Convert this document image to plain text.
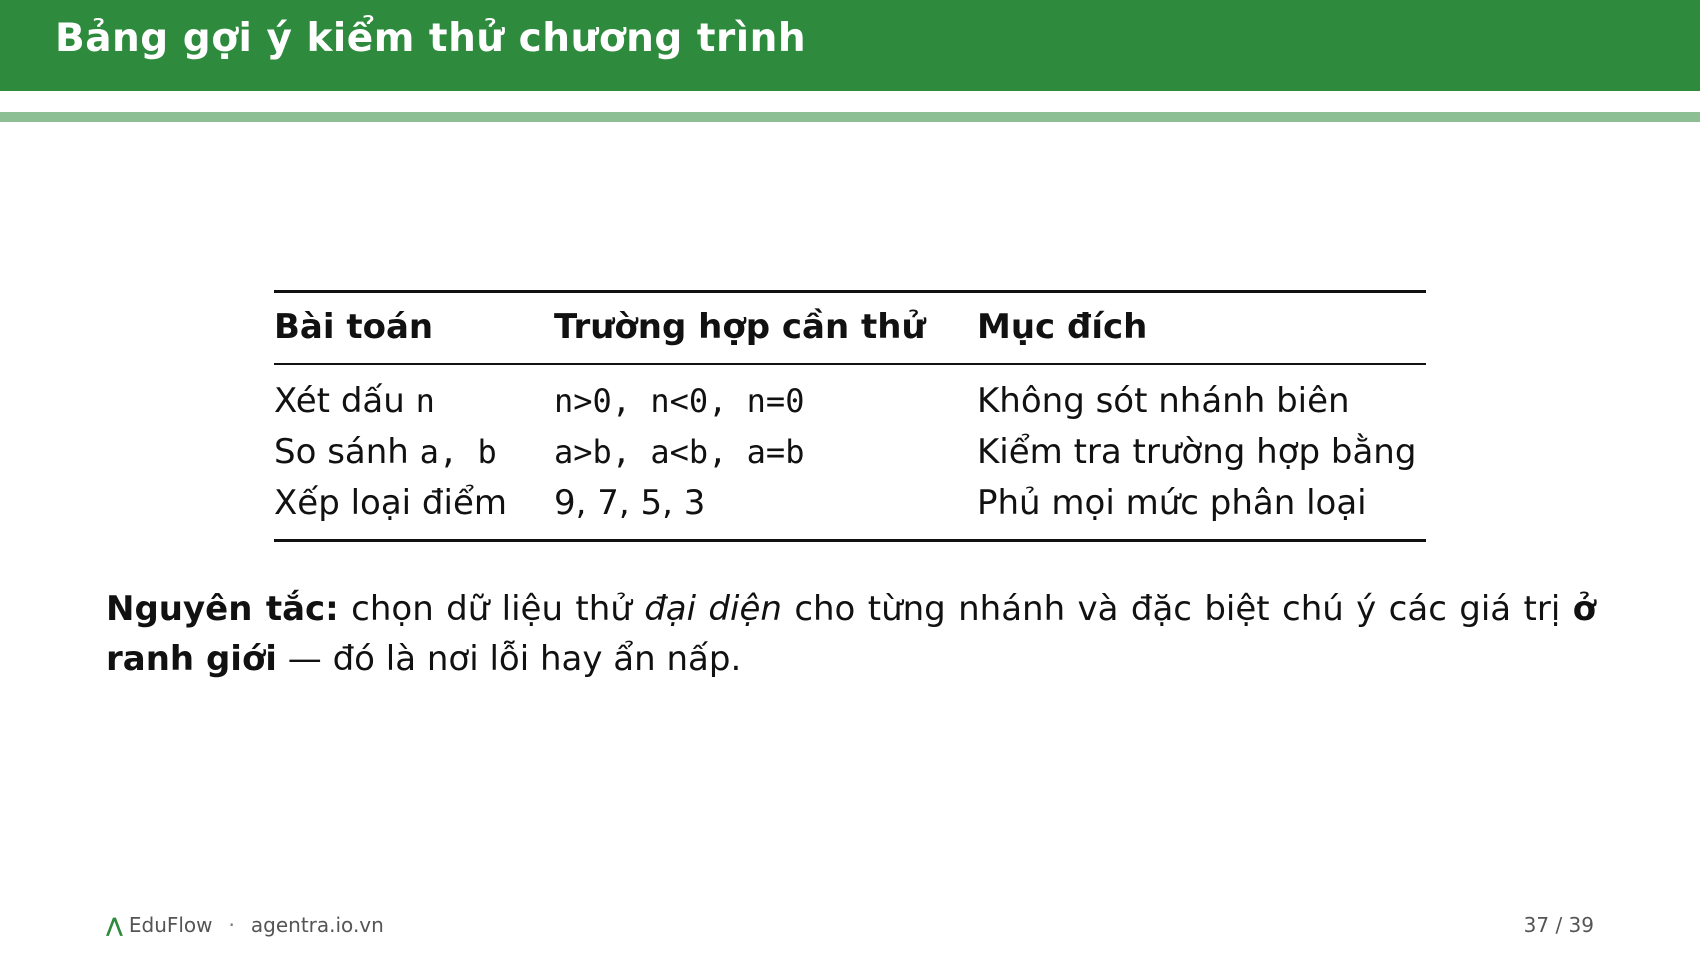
Bảng gợi ý kiểm thử chương trình
Bài toán	Trường hợp cần thử	Mục đích
Xét dấu n	n>0, n<0, n=0	Không sót nhánh biên
So sánh a, b	a>b, a<b, a=b	Kiểm tra trường hợp bằng
Xếp loại điểm	9, 7, 5, 3	Phủ mọi mức phân loại
Nguyên tắc: chọn dữ liệu thử đại diện cho từng nhánh và đặc biệt chú ý các giá trị ở ranh giới — đó là nơi lỗi hay ẩn nấp.
⋀ EduFlow · agentra.io.vn	37 / 39
